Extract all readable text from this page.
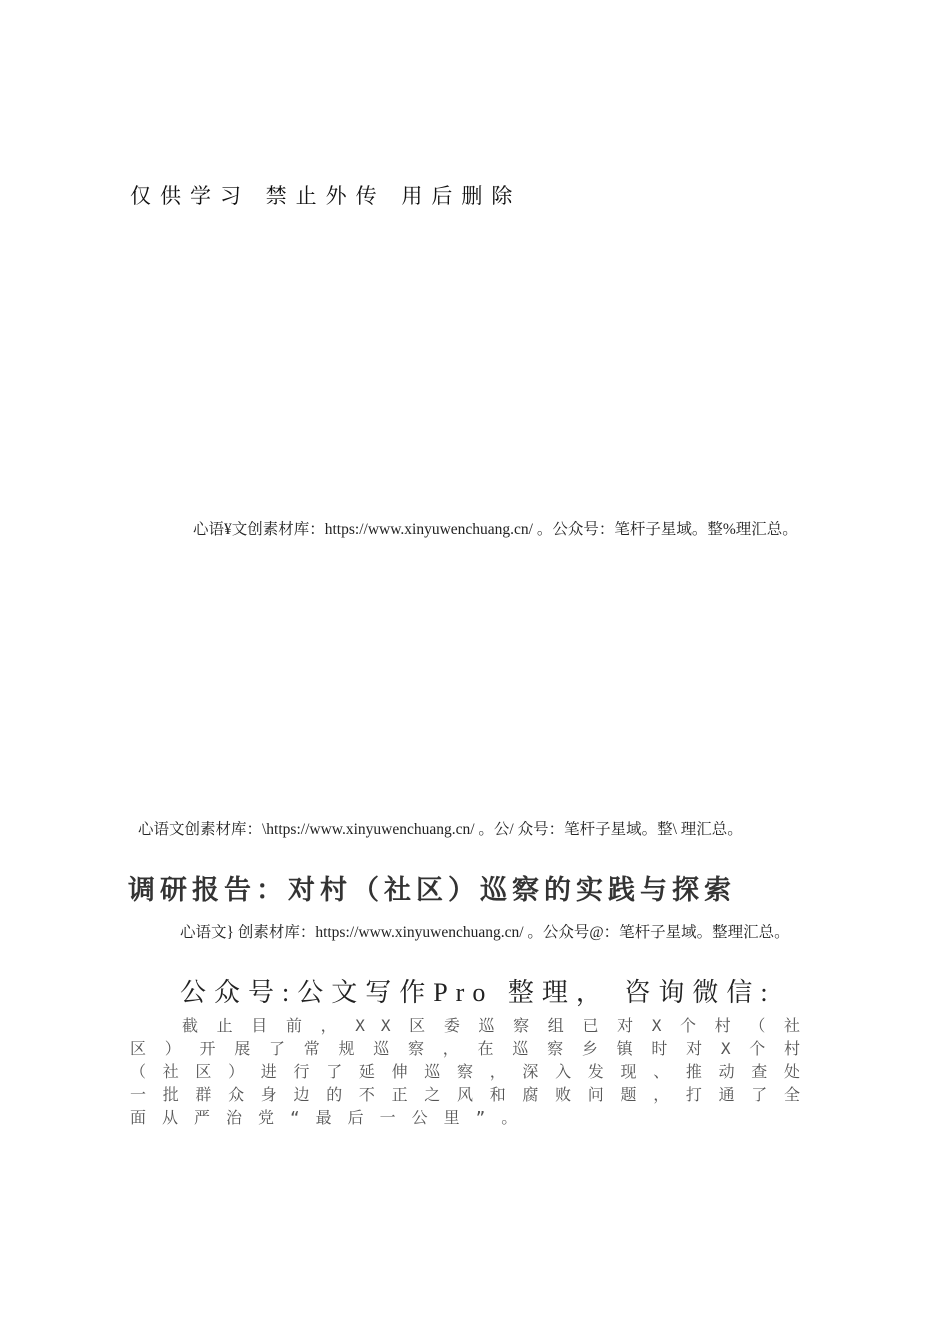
仅供学习 禁止外传 用后删除
心语¥文创素材库：https://www.xinyuwenchuang.cn/ 。公众号：笔杆子星域。整%理汇总。
心语文创素材库：\https://www.xinyuwenchuang.cn/ 。公/ 众号：笔杆子星域。整\ 理汇总。
调研报告：对村（社区）巡察的实践与探索
心语文} 创素材库：https://www.xinyuwenchuang.cn/ 。公众号@：笔杆子星域。整理汇总。
公众号:公文写作Pro 整理， 咨询微信:
截止目前，XX区委巡察组已对X个村（社区）开展了常规巡察，在巡察乡镇时对X个村（社区）进行了延伸巡察，深入发现、推动查处一批群众身边的不正之风和腐败问题，打通了全面从严治党“最后一公里”。
